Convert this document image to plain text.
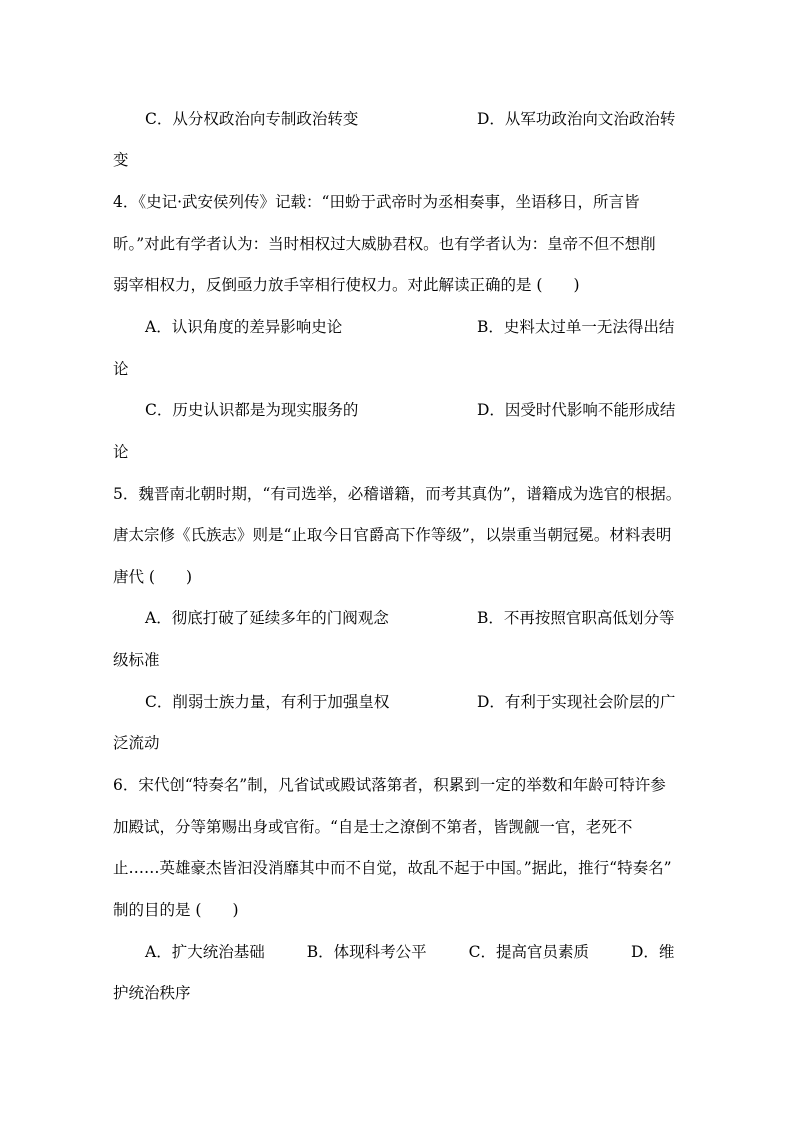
C．从分权政治向专制政治转变	D．从军功政治向文治政治转
变
4．《史记·武安侯列传》记载：“田蚡于武帝时为丞相奏事，坐语移日，所言皆
昕。”对此有学者认为：当时相权过大威胁君权。也有学者认为：皇帝不但不想削
弱宰相权力，反倒亟力放手宰相行使权力。对此解读正确的是 (　　)
A．认识角度的差异影响史论	B．史料太过单一无法得出结
论
C．历史认识都是为现实服务的	D．因受时代影响不能形成结
论
5．魏晋南北朝时期，“有司选举，必稽谱籍，而考其真伪”，谱籍成为选官的根据。
唐太宗修《氏族志》则是“止取今日官爵高下作等级”，以崇重当朝冠冕。材料表明
唐代 (　　)
A．彻底打破了延续多年的门阀观念	B．不再按照官职高低划分等
级标准
C．削弱士族力量，有利于加强皇权	D．有利于实现社会阶层的广
泛流动
6．宋代创“特奏名”制，凡省试或殿试落第者，积累到一定的举数和年龄可特许参
加殿试，分等第赐出身或官衔。“自是士之潦倒不第者，皆觊觎一官，老死不
止……英雄豪杰皆汩没消靡其中而不自觉，故乱不起于中国。”据此，推行“特奏名”
制的目的是 (　　)
A．扩大统治基础	B．体现科考公平	C．提高官员素质	D．维
护统治秩序
